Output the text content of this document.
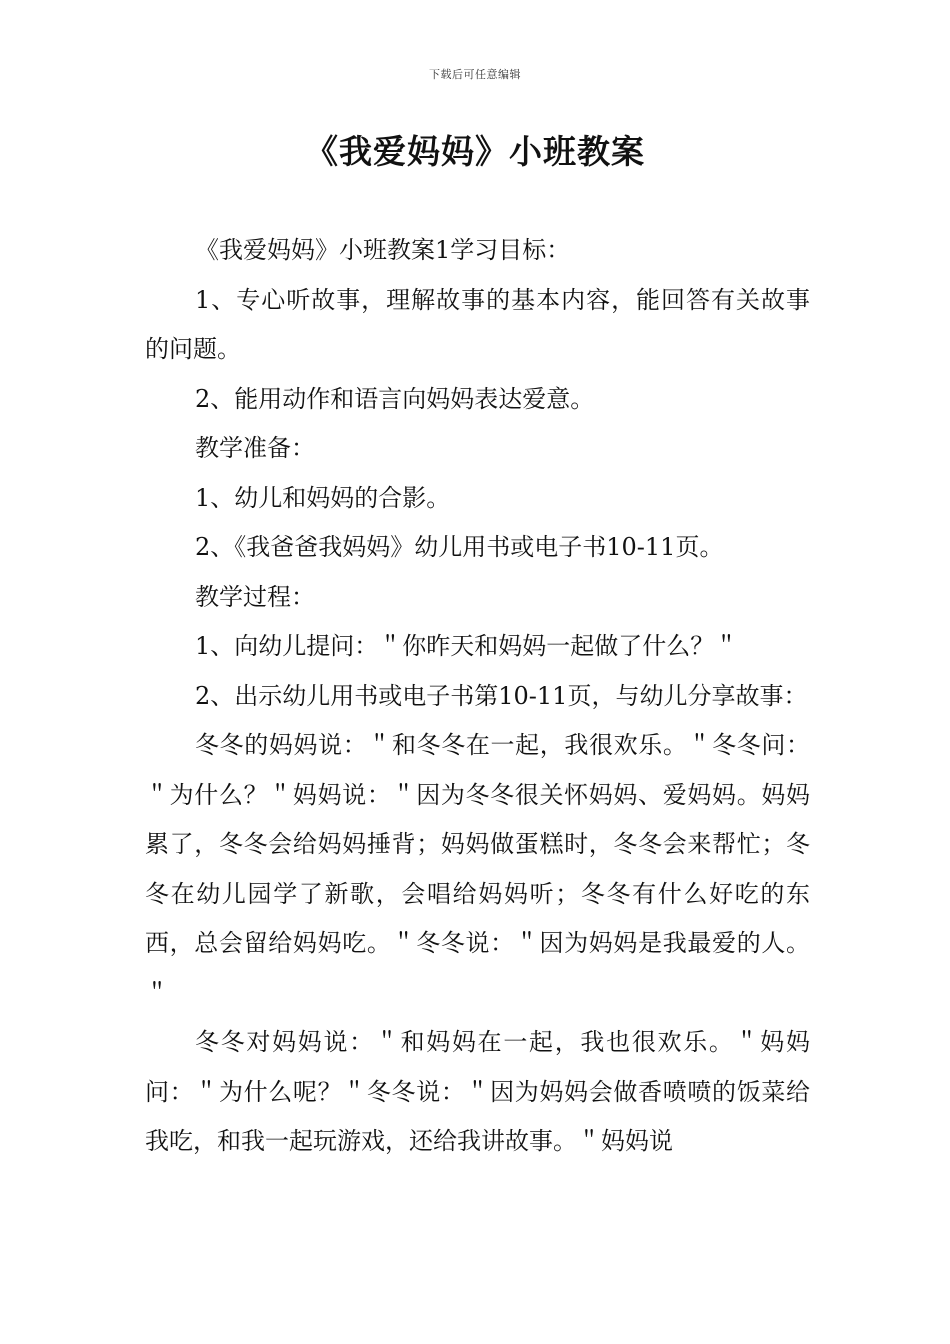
下载后可任意编辑
《我爱妈妈》小班教案

《我爱妈妈》小班教案1学习目标：

1、专心听故事，理解故事的基本内容，能回答有关故事的问题。

2、能用动作和语言向妈妈表达爱意。

教学准备：

1、幼儿和妈妈的合影。

2、《我爸爸我妈妈》幼儿用书或电子书10-11页。

教学过程：

1、向幼儿提问：＂你昨天和妈妈一起做了什么？＂

2、出示幼儿用书或电子书第10-11页，与幼儿分享故事：

冬冬的妈妈说：＂和冬冬在一起，我很欢乐。＂冬冬问：＂为什么？＂妈妈说：＂因为冬冬很关怀妈妈、爱妈妈。妈妈累了，冬冬会给妈妈捶背；妈妈做蛋糕时，冬冬会来帮忙；冬冬在幼儿园学了新歌，会唱给妈妈听；冬冬有什么好吃的东西，总会留给妈妈吃。＂冬冬说：＂因为妈妈是我最爱的人。＂

冬冬对妈妈说：＂和妈妈在一起，我也很欢乐。＂妈妈问：＂为什么呢？＂冬冬说：＂因为妈妈会做香喷喷的饭菜给我吃，和我一起玩游戏，还给我讲故事。＂妈妈说
